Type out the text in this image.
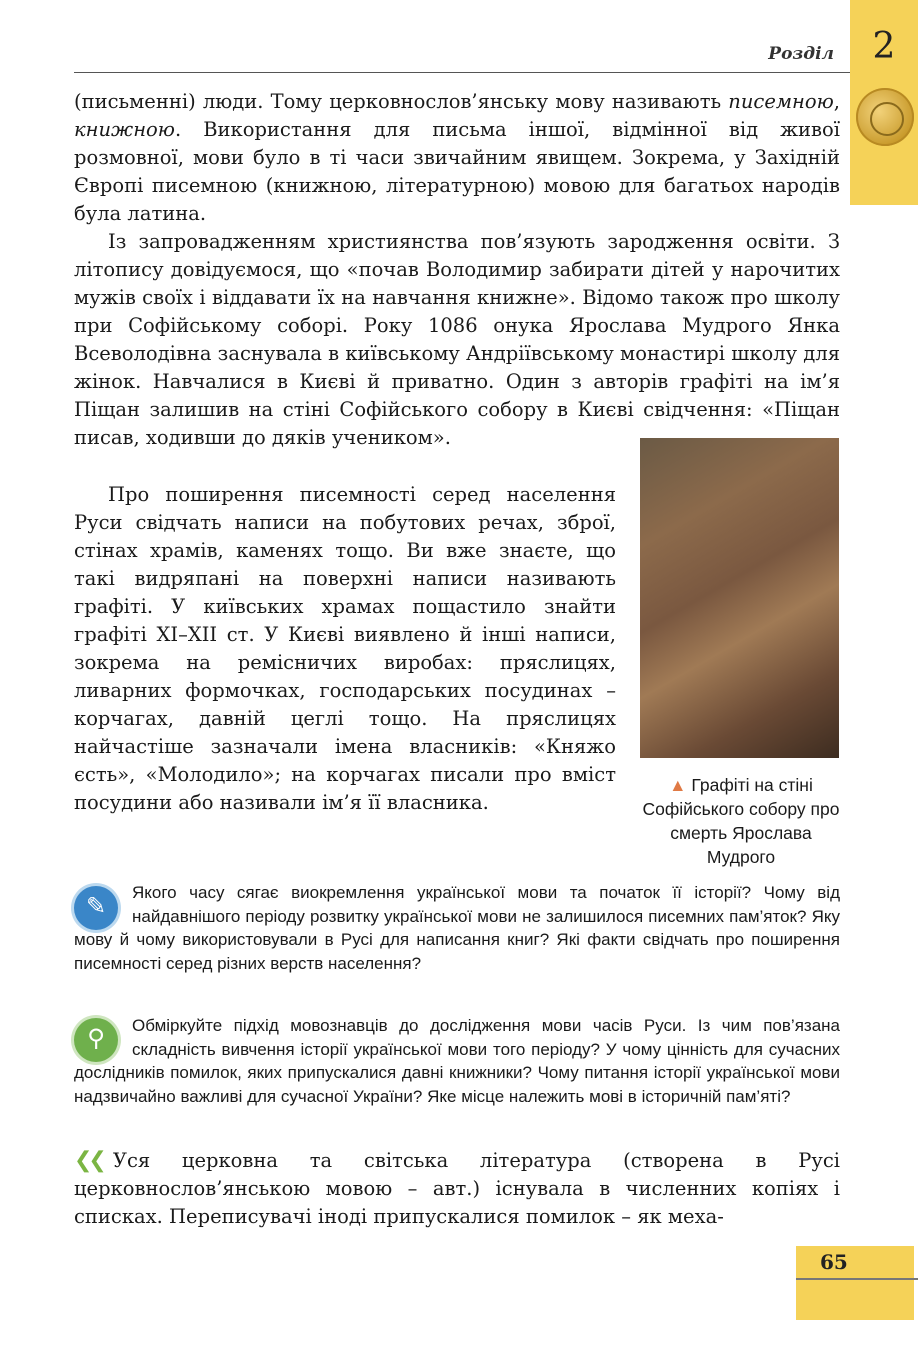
2
Розділ

(письменні) люди. Тому церковнослов’янську мову називають писемною, книжною. Використання для письма іншої, відмінної від живої розмовної, мови було в ті часи звичайним явищем. Зокрема, у Західній Європі писемною (книжною, літературною) мовою для багатьох народів була латина.

Із запровадженням християнства пов’язують зародження освіти. З літопису довідуємося, що «почав Володимир забирати дітей у нарочитих мужів своїх і віддавати їх на навчання книжне». Відомо також про школу при Софійському соборі. Року 1086 онука Ярослава Мудрого Янка Всеволодівна заснувала в київському Андріївському монастирі школу для жінок. Навчалися в Києві й приватно. Один з авторів графіті на ім’я Піщан залишив на стіні Софійського собору в Києві свідчення: «Піщан писав, ходивши до дяків учеником».

▲ Графіті на стіні Софійського собору про смерть Ярослава Мудрого
Про поширення писемності серед населення Руси свідчать написи на побутових речах, зброї, стінах храмів, каменях тощо. Ви вже знаєте, що такі видряпані на поверхні написи називають графіті. У київських храмах пощастило знайти графіті XI–XII ст. У Києві виявлено й інші написи, зокрема на ремісничих виробах: пряслицях, ливарних формочках, господарських посудинах – корчагах, давній цеглі тощо. На пряслицях найчастіше зазначали імена власників: «Княжо єсть», «Молодило»; на корчагах писали про вміст посудини або називали ім’я її власника.
✎	Якого часу сягає виокремлення української мови та початок її історії? Чому від найдавнішого періоду розвитку української мови не залишилося писемних пам’яток? Яку мову й чому використовували в Русі для написання книг? Які факти свідчать про поширення писемності серед різних верств населення?
⚲	Обміркуйте підхід мовознавців до дослідження мови часів Руси. Із чим пов’язана складність вивчення історії української мови того періоду? У чому цінність для сучасних дослідників помилок, яких припускалися давні книжники? Чому питання історії української мови надзвичайно важливі для сучасної України? Яке місце належить мові в історичній пам’яті?
❮❮ Уся церковна та світська література (створена в Русі церковнослов’янською мовою – авт.) існувала в численних копіях і списках. Переписувачі іноді припускалися помилок – як меха-
65
